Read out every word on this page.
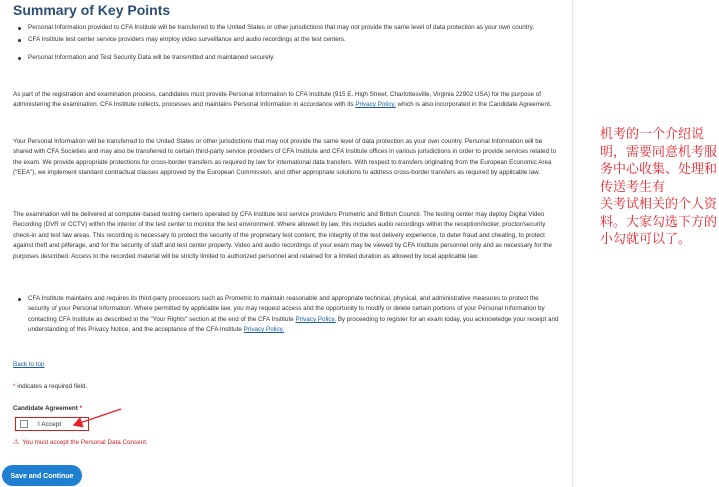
Summary of Key Points
Personal Information provided to CFA Institute will be transferred to the United States or other jurisdictions that may not provide the same level of data protection as your own country.
CFA Institute test center service providers may employ video surveillance and audio recordings at the test centers.
Personal Information and Test Security Data will be transmitted and maintained securely.

As part of the registration and examination process, candidates must provide Personal Information to CFA Institute (915 E. High Street, Charlottesville, Virginia 22902 USA) for the purpose of administering the examination. CFA Institute collects, processes and maintains Personal Information in accordance with its Privacy Policy, which is also incorporated in the Candidate Agreement.

Your Personal Information will be transferred to the United States or other jurisdictions that may not provide the same level of data protection as your own country. Personal Information will be shared with CFA Societies and may also be transferred to certain third-party service providers of CFA Institute and CFA Institute offices in various jurisdictions in order to provide services related to the exam. We provide appropriate protections for cross-border transfers as required by law for international data transfers. With respect to transfers originating from the European Economic Area ("EEA"), we implement standard contractual clauses approved by the European Commission, and other appropriate solutions to address cross-border transfers as required by applicable law.

The examination will be delivered at computer-based testing centers operated by CFA Institute test service providers Prometric and British Council. The testing center may deploy Digital Video Recording (DVR or CCTV) within the interior of the test center to monitor the test environment. Where allowed by law, this includes audio recordings within the reception/locker, proctor/security check-in and test law areas. This recording is necessary to protect the security of the proprietary test content, the integrity of the test delivery experience, to deter fraud and cheating, to protect against theft and pilferage, and for the security of staff and test center property. Video and audio recordings of your exam may be viewed by CFA Institute personnel only and as necessary for the purposes described. Access to the recorded material will be strictly limited to authorized personnel and retained for a limited duration as allowed by local applicable law.

CFA Institute maintains and requires its third-party processors such as Prometric to maintain reasonable and appropriate technical, physical, and administrative measures to protect the security of your Personal Information. Where permitted by applicable law, you may request access and the opportunity to modify or delete certain portions of your Personal Information by contacting CFA Institute as described in the "Your Rights" section at the end of the CFA Institute Privacy Policy. By proceeding to register for an exam today, you acknowledge your receipt and understanding of this Privacy Notice, and the acceptance of the CFA Institute Privacy Policy.
Back to top
* indicates a required field.
Candidate Agreement *
I Accept
⚠ You must accept the Personal Data Consent.
Save and Continue
机考的一个介绍说明，需要同意机考服务中心收集、处理和传送考生有
关考试相关的个人资料。大家勾选下方的小勾就可以了。
